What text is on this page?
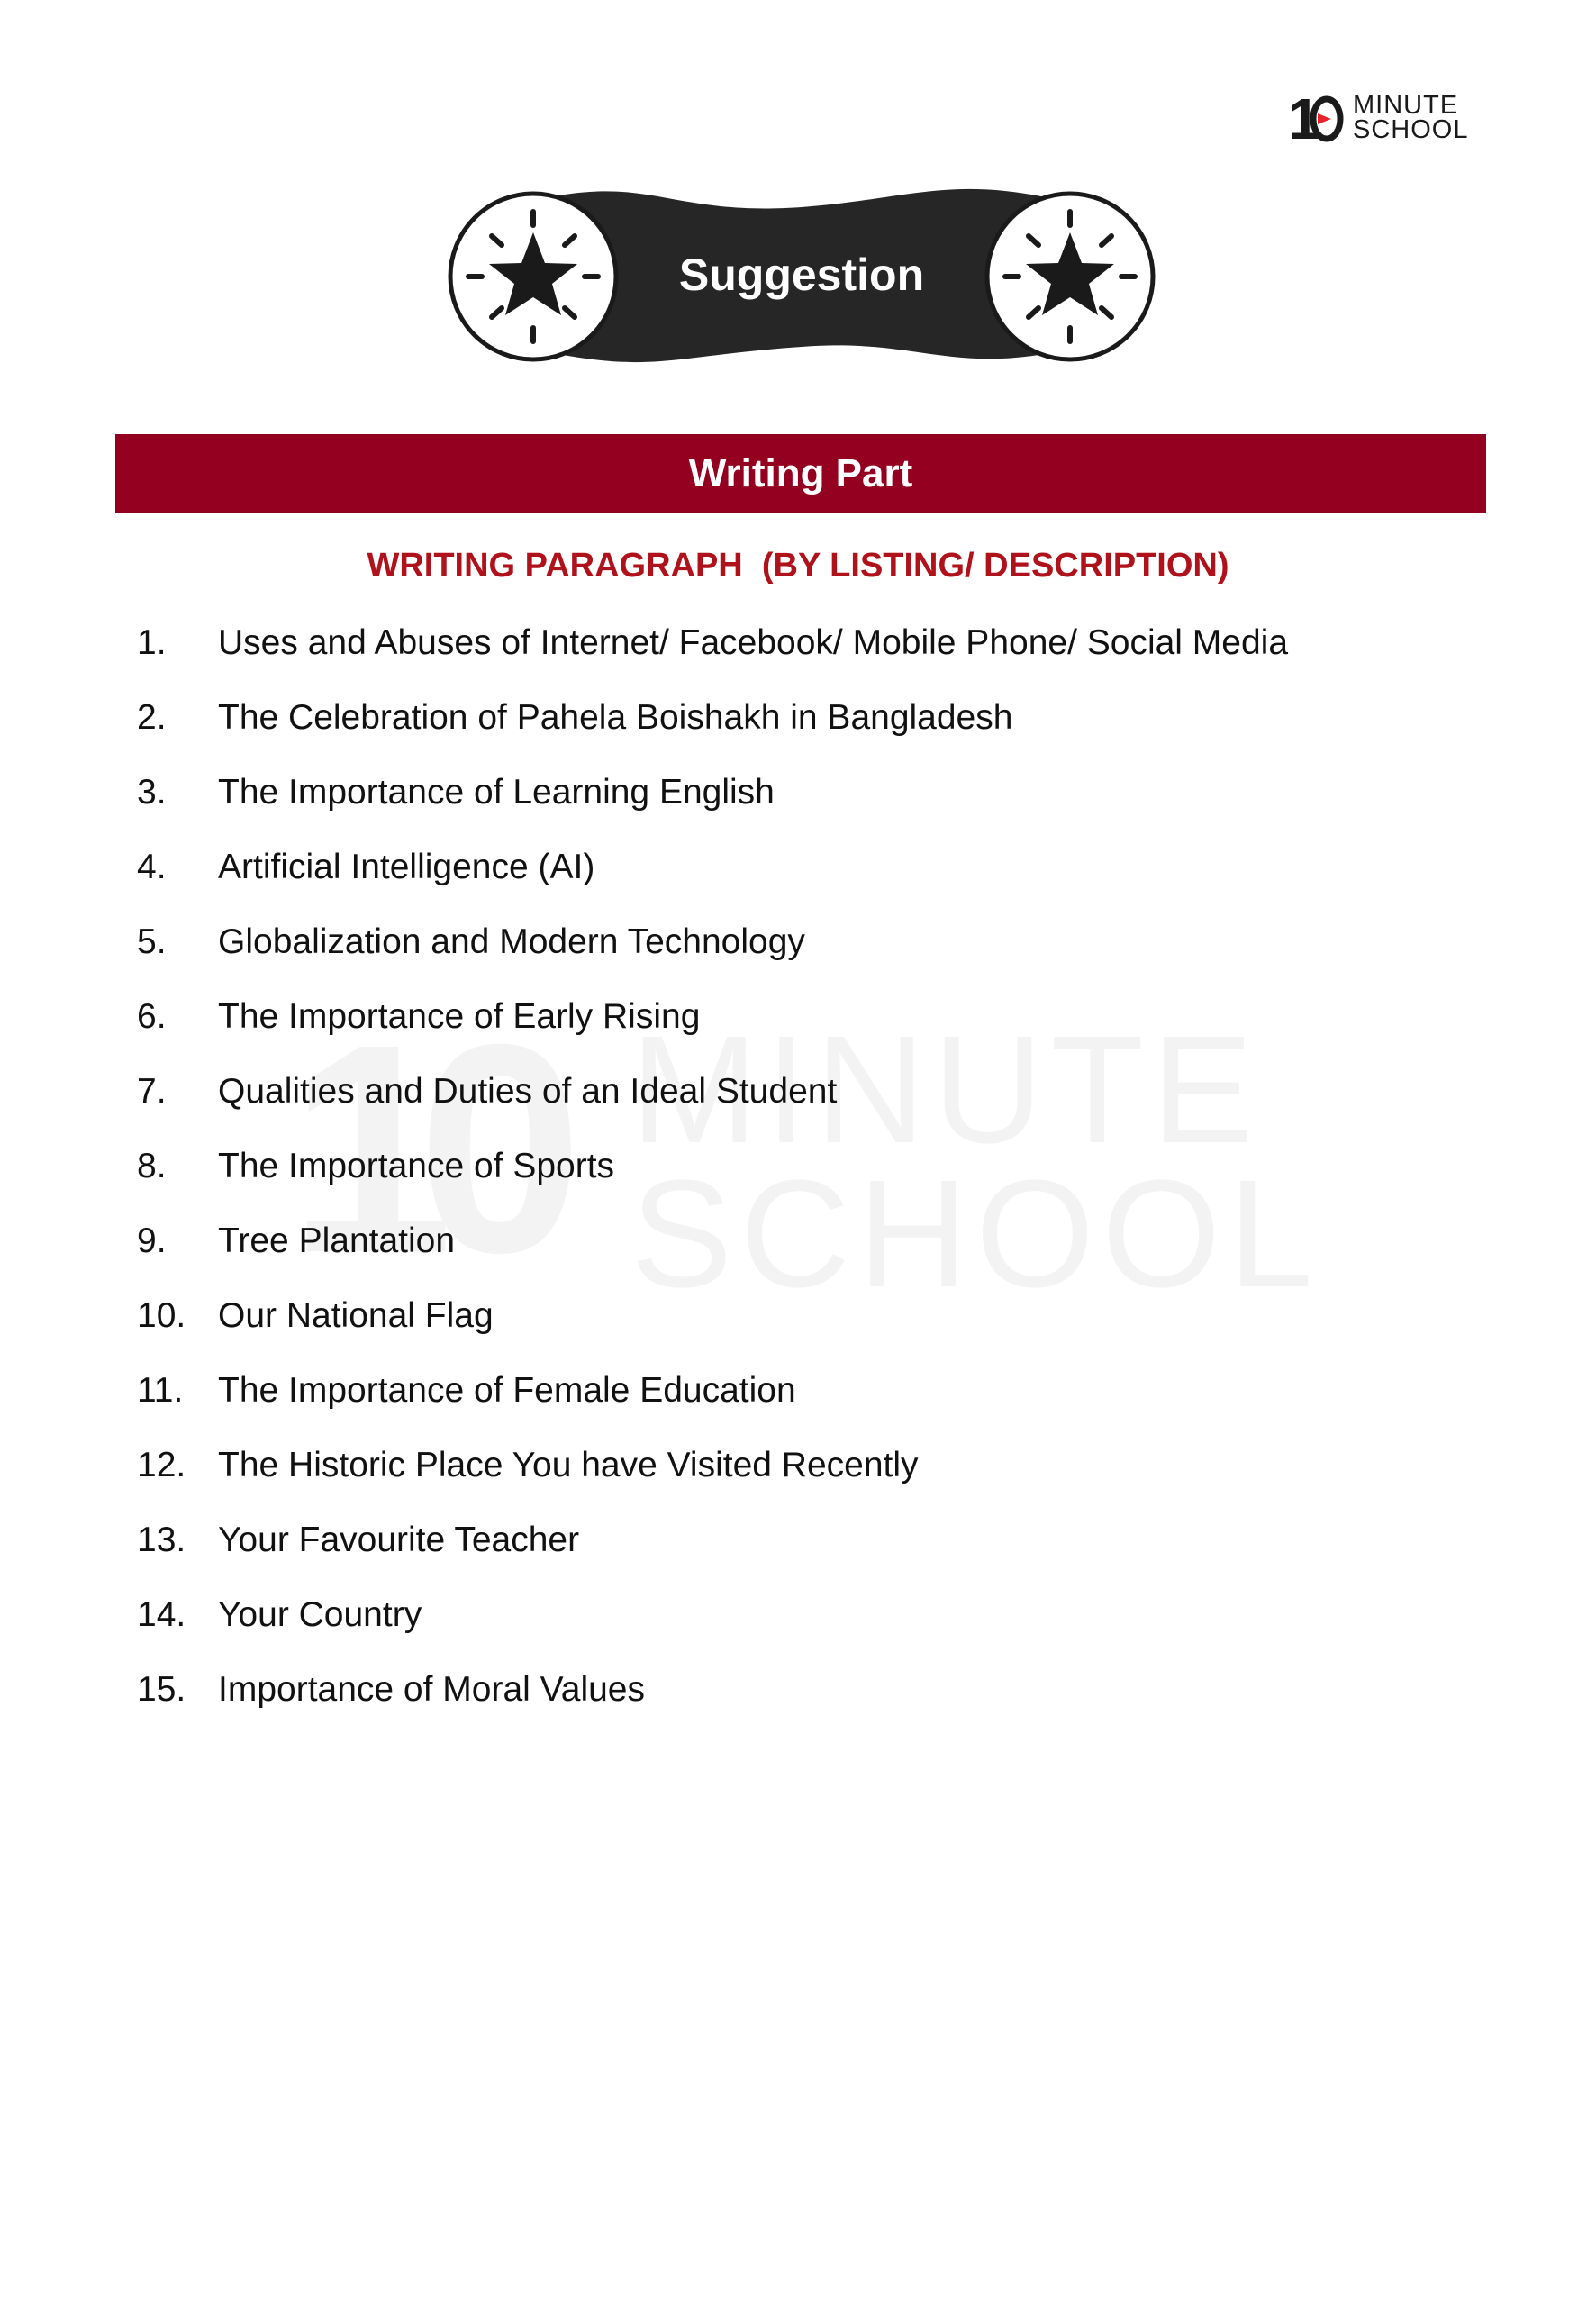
1 MINUTE
SCHOOL
Suggestion
Writing Part
WRITING PARAGRAPH  (BY LISTING/ DESCRIPTION)
1. Uses and Abuses of Internet/ Facebook/ Mobile Phone/ Social Media
2. The Celebration of Pahela Boishakh in Bangladesh
3. The Importance of Learning English
4. Artificial Intelligence (AI)
5. Globalization and Modern Technology
6. The Importance of Early Rising
7. Qualities and Duties of an Ideal Student
8. The Importance of Sports
9. Tree Plantation
10. Our National Flag
11. The Importance of Female Education
12. The Historic Place You have Visited Recently
13. Your Favourite Teacher
14. Your Country
15. Importance of Moral Values
